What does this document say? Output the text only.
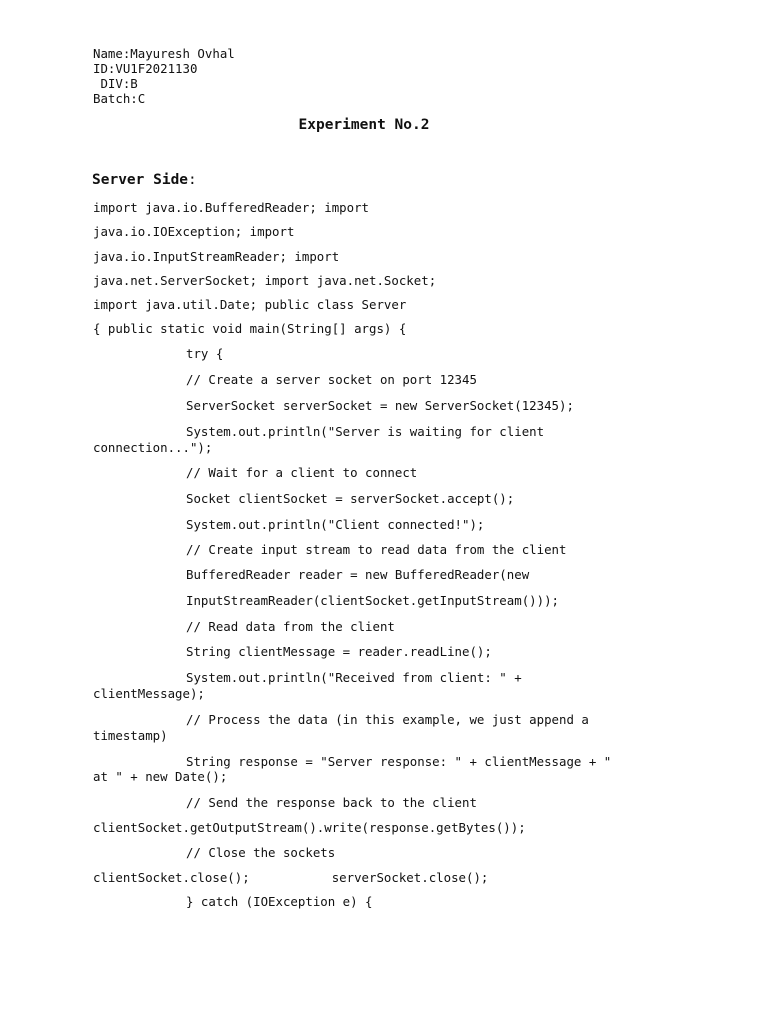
Name:Mayuresh Ovhal

ID:VU1F2021130

DIV:B

Batch:C

Experiment No.2
Server Side:

import java.io.BufferedReader; import

java.io.IOException; import

java.io.InputStreamReader; import

java.net.ServerSocket; import java.net.Socket;

import java.util.Date; public class Server

{ public static void main(String[] args) {

try {

// Create a server socket on port 12345

ServerSocket serverSocket = new ServerSocket(12345);

System.out.println("Server is waiting for client

connection...");

// Wait for a client to connect

Socket clientSocket = serverSocket.accept();

System.out.println("Client connected!");

// Create input stream to read data from the client

BufferedReader reader = new BufferedReader(new

InputStreamReader(clientSocket.getInputStream()));

// Read data from the client

String clientMessage = reader.readLine();

System.out.println("Received from client: " +

clientMessage);

// Process the data (in this example, we just append a

timestamp)

String response = "Server response: " + clientMessage + "

at " + new Date();

// Send the response back to the client

clientSocket.getOutputStream().write(response.getBytes());

// Close the sockets

clientSocket.close();           serverSocket.close();

} catch (IOException e) {
